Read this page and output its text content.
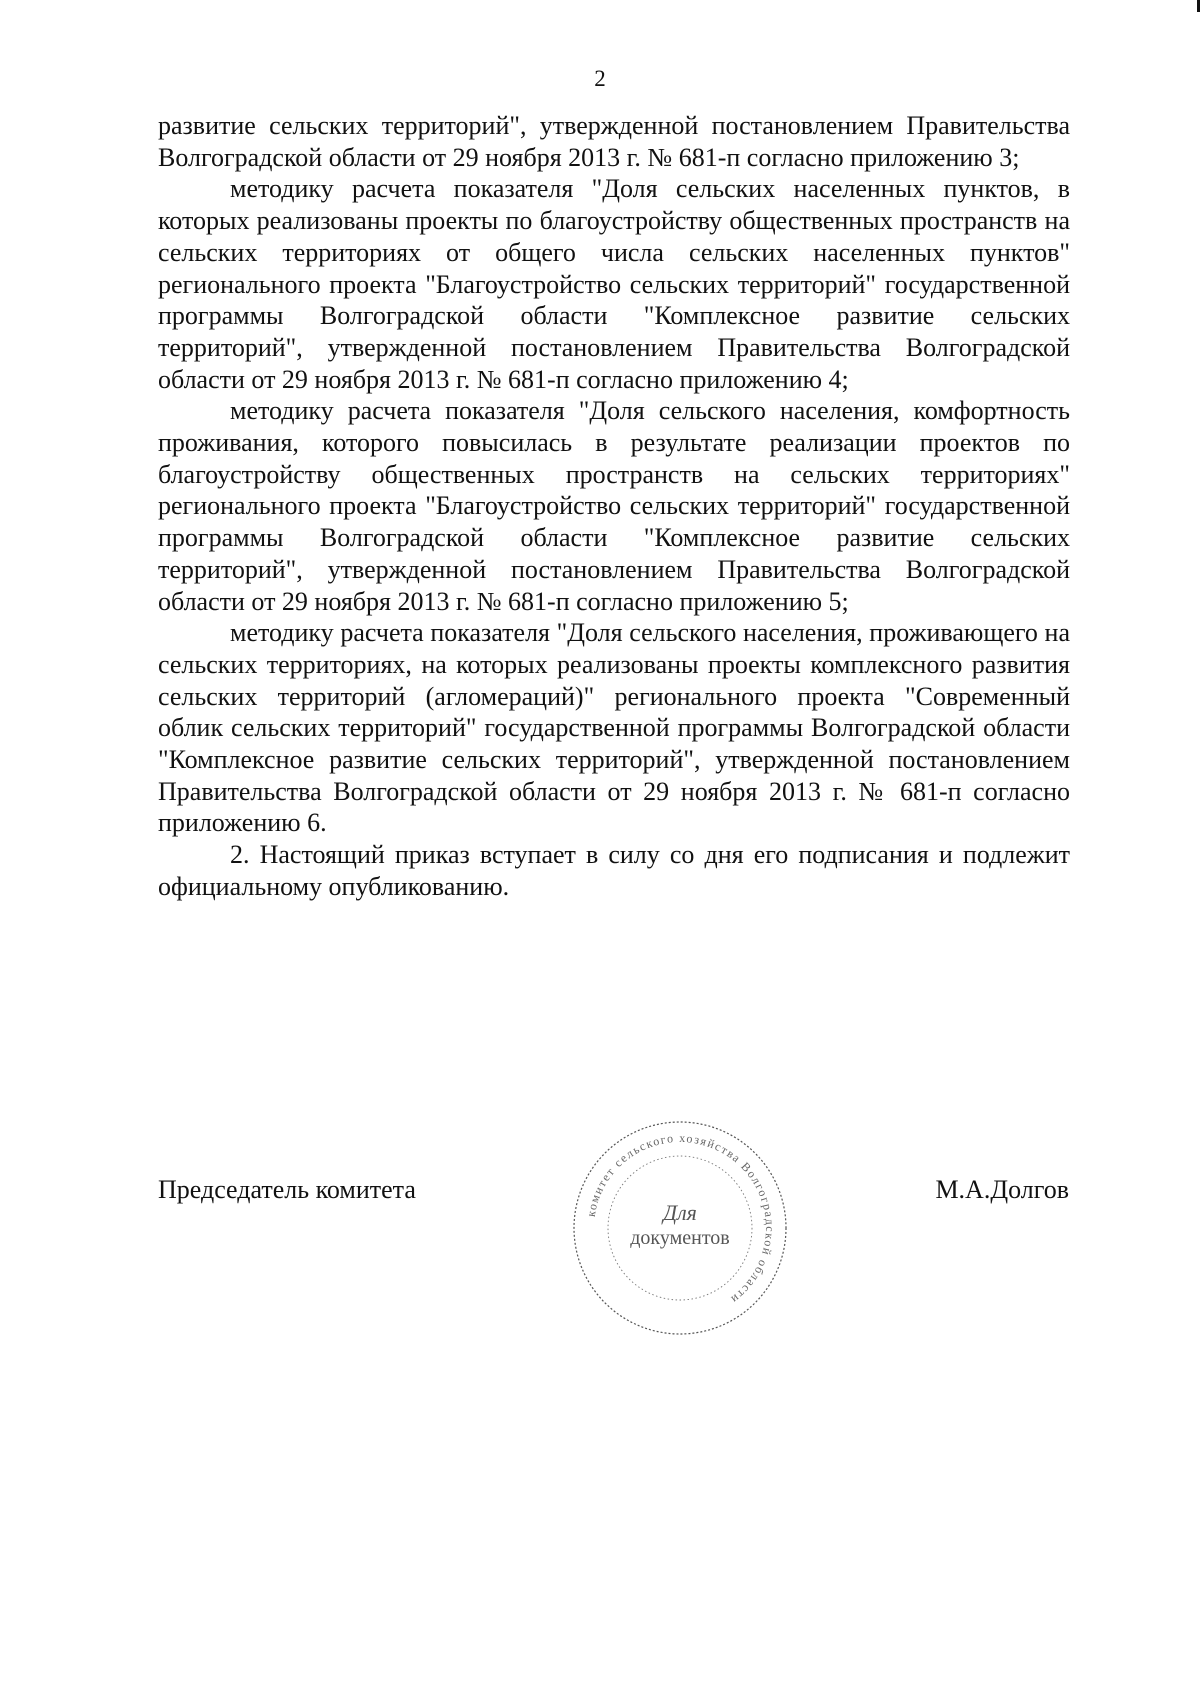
2

развитие сельских территорий", утвержденной постановлением Правительства Волгоградской области от 29 ноября 2013 г. № 681-п согласно приложению 3;

методику расчета показателя "Доля сельских населенных пунктов, в которых реализованы проекты по благоустройству общественных пространств на сельских территориях от общего числа сельских населенных пунктов" регионального проекта "Благоустройство сельских территорий" государственной программы Волгоградской области "Комплексное развитие сельских территорий", утвержденной постановлением Правительства Волгоградской области от 29 ноября 2013 г. № 681-п согласно приложению 4;

методику расчета показателя "Доля сельского населения, комфортность проживания, которого повысилась в результате реализации проектов по благоустройству общественных пространств на сельских территориях" регионального проекта "Благоустройство сельских территорий" государственной программы Волгоградской области "Комплексное развитие сельских территорий", утвержденной постановлением Правительства Волгоградской области от 29 ноября 2013 г. № 681-п согласно приложению 5;

методику расчета показателя "Доля сельского населения, проживающего на сельских территориях, на которых реализованы проекты комплексного развития сельских территорий (агломераций)" регионального проекта "Современный облик сельских территорий" государственной программы Волгоградской области "Комплексное развитие сельских территорий", утвержденной постановлением Правительства Волгоградской области от 29 ноября 2013 г. № 681-п согласно приложению 6.

2. Настоящий приказ вступает в силу со дня его подписания и подлежит официальному опубликованию.

Председатель комитета
комитет сельского хозяйства Волгоградской области
Для
документов
М.А.Долгов
